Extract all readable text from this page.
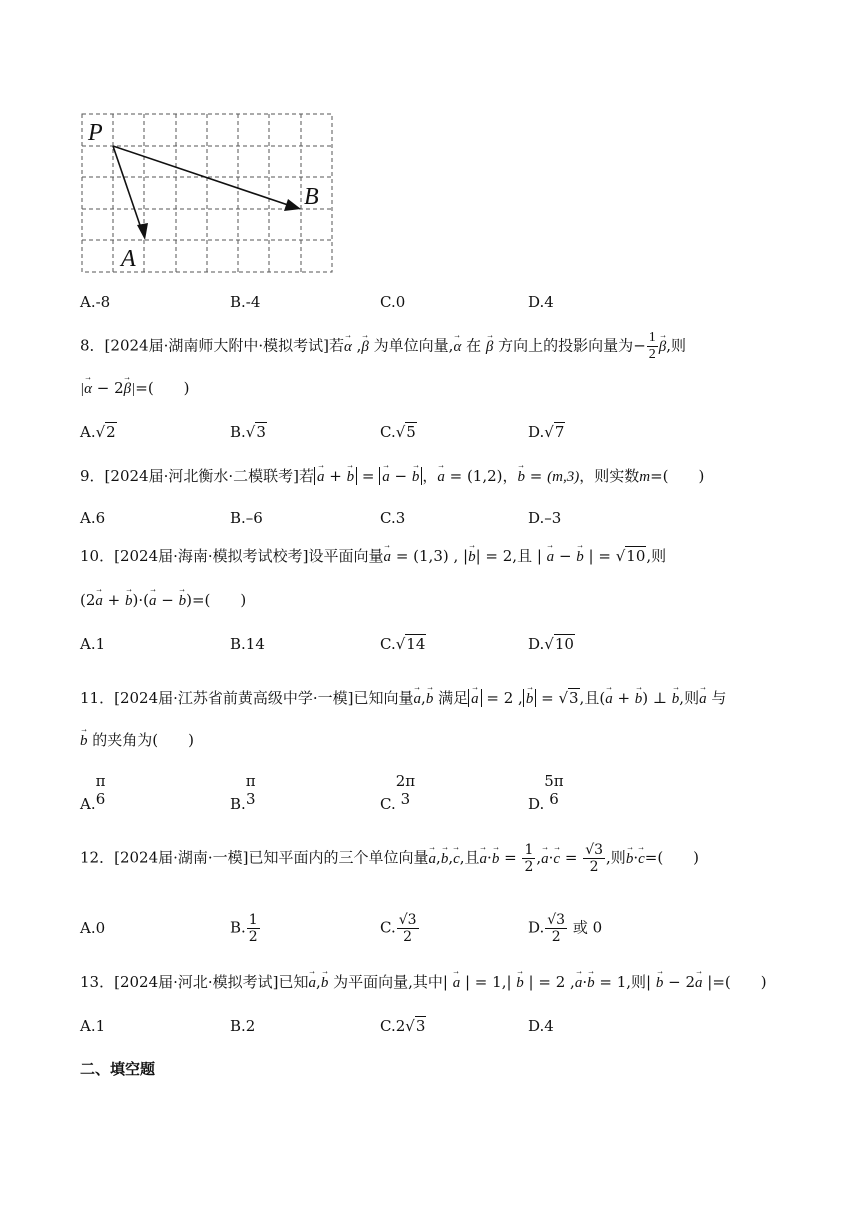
P
B
A
A.-8	B.-4	C.0	D.4
8．[2024届·湖南师大附中·模拟考试]若→ α ,→ β 为单位向量,→ α 在 → β 方向上的投影向量为− $\frac{1}{2}$
→ β,则
|→ α − 2→ β|=(　　)
A.√2	B.√3	C.√5	D.√7
9．[2024届·河北衡水·二模联考]若→ a + → b = → a − → b ，→ a = (1,2)，→ b = (m,3)，则实数m=(　　)
A.6	B.–6	C.3	D.–3
10．[2024届·海南·模拟考试校考]设平面向量→ a = (1,3) , |→ b| = 2,且 | → a − → b | = √10,则
(2→ a + → b)·(→ a − → b)=(　　)
A.1	B.14	C.√14	D.√10
11．[2024届·江苏省前黄高级中学·一模]已知向量→ a,→ b 满足→ a = 2 ,→ b = √3,且(→ a + → b) ⊥ → b,则→ a 与
→ b 的夹角为(　　)
A.
π
6	B.
π
3	C.
2π
3	D.
5π
6
12．[2024届·湖南·一模]已知平面内的三个单位向量→ a,→ b,→ c,且→ $a\cdot\to b = \frac{1}{2}$ ,→ $a\cdot\to c = \frac{√3}{2}$ ,则→ b·→ c=(　　)
A.0	B. $\frac{1}{2}$	C. $\frac{√3}{2}$	D. $\frac{√3}{2}$ 或 0
13．[2024届·河北·模拟考试]已知→ a,→ b 为平面向量,其中| → a | = 1,| → b | = 2 ,→ a·→ b = 1,则| → b − 2→ a |=(　　)
A.1	B.2	C.2√3	D.4
二、填空题
